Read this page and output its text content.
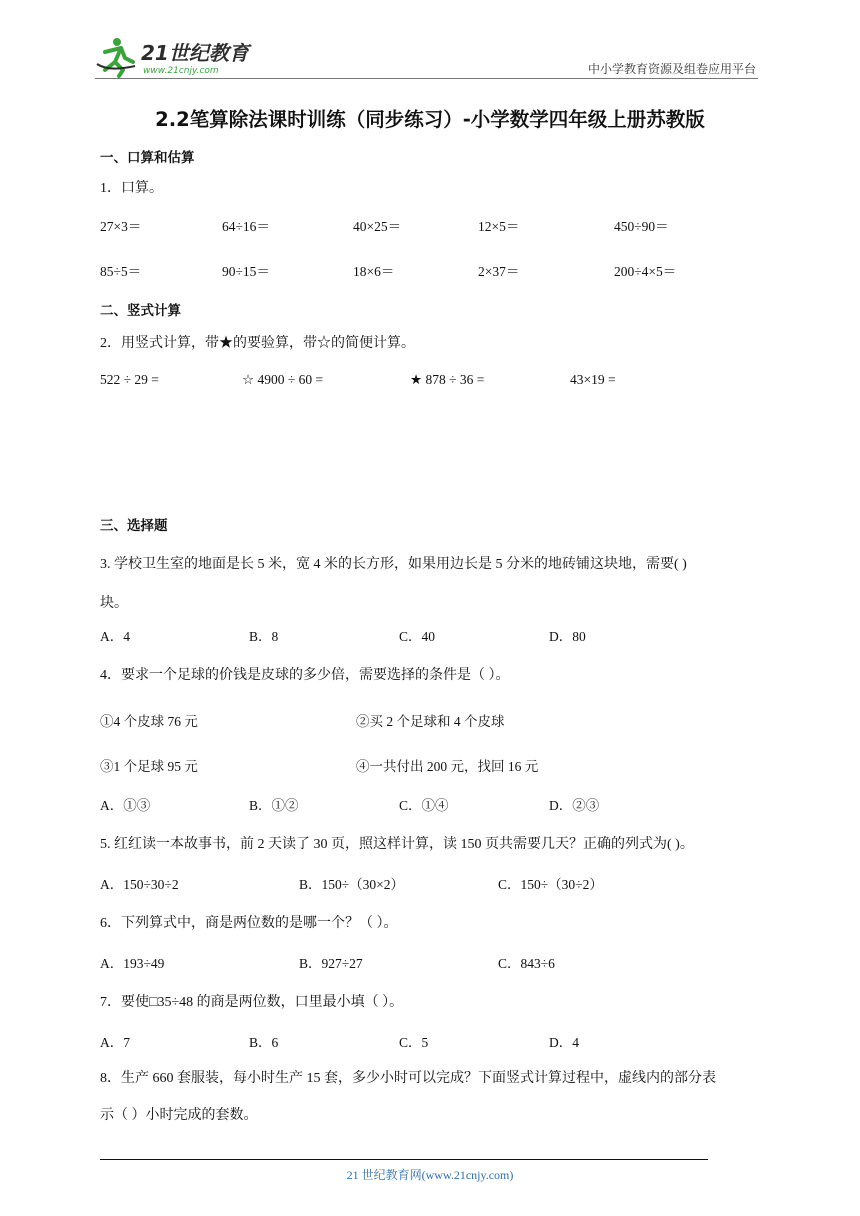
21世纪教育
www.21cnjy.com	中小学教育资源及组卷应用平台
2.2笔算除法课时训练（同步练习）-小学数学四年级上册苏教版
一、口算和估算
1．口算。
27×3＝	64÷16＝	40×25＝	12×5＝	450÷90＝
85÷5＝	90÷15＝	18×6＝	2×37＝	200÷4×5＝
二、竖式计算
2．用竖式计算，带★的要验算，带☆的简便计算。
522 ÷ 29 =	☆ 4900 ÷ 60 =	★ 878 ÷ 36 =	43×19 =
三、选择题
3. 学校卫生室的地面是长 5 米，宽 4 米的长方形，如果用边长是 5 分米的地砖铺这块地，需要( )
块。
A．4	B．8	C．40	D．80
4．要求一个足球的价钱是皮球的多少倍，需要选择的条件是（ ）。
①4 个皮球 76 元	②买 2 个足球和 4 个皮球
③1 个足球 95 元	④一共付出 200 元，找回 16 元
A．①③	B．①②	C．①④	D．②③
5. 红红读一本故事书，前 2 天读了 30 页，照这样计算，读 150 页共需要几天？正确的列式为( )。
A．150÷30÷2	B．150÷（30×2）	C．150÷（30÷2）
6．下列算式中，商是两位数的是哪一个？（ ）。
A．193÷49	B．927÷27	C．843÷6
7．要使□35÷48 的商是两位数，口里最小填（ ）。
A．7	B．6	C．5	D．4
8．生产 660 套服装，每小时生产 15 套，多少小时可以完成？下面竖式计算过程中，虚线内的部分表
示（ ）小时完成的套数。
21 世纪教育网(www.21cnjy.com)
